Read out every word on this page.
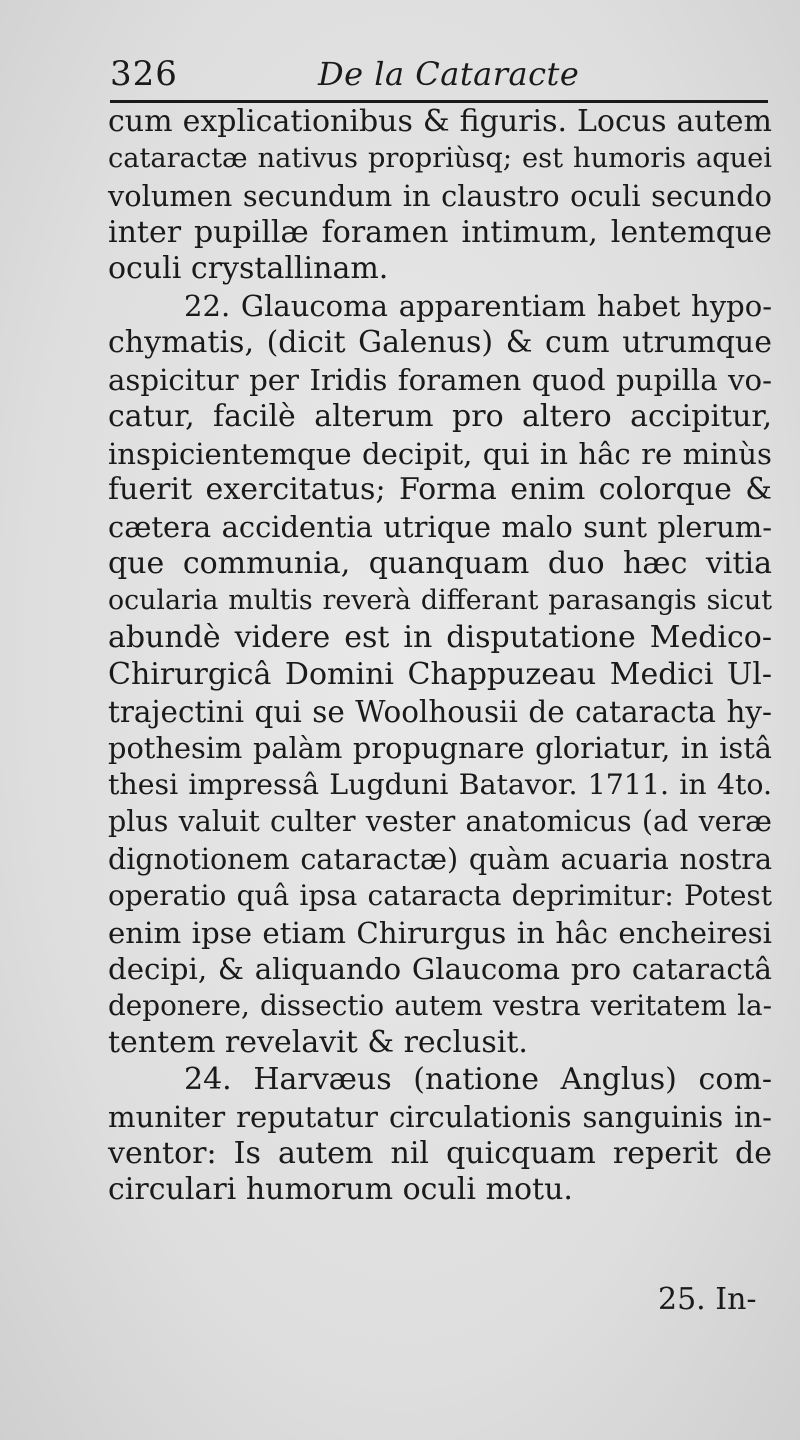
326	De la Cataracte
cum explicationibus & figuris. Locus autem
cataractæ nativus propriùsq; est humoris aquei
volumen secundum in claustro oculi secundo
inter pupillæ foramen intimum, lentemque
oculi crystallinam.
22. Glaucoma apparentiam habet hypo-
chymatis, (dicit Galenus) & cum utrumque
aspicitur per Iridis foramen quod pupilla vo-
catur, facilè alterum pro altero accipitur,
inspicientemque decipit, qui in hâc re minùs
fuerit exercitatus; Forma enim colorque &
cætera accidentia utrique malo sunt plerum-
que communia, quanquam duo hæc vitia
ocularia multis reverà differant parasangis sicut
abundè videre est in disputatione Medico-
Chirurgicâ Domini Chappuzeau Medici Ul-
trajectini qui se Woolhousii de cataracta hy-
pothesim palàm propugnare gloriatur, in istâ
thesi impressâ Lugduni Batavor. 1711. in 4to.
plus valuit culter vester anatomicus (ad veræ
dignotionem cataractæ) quàm acuaria nostra
operatio quâ ipsa cataracta deprimitur: Potest
enim ipse etiam Chirurgus in hâc encheiresi
decipi, & aliquando Glaucoma pro cataractâ
deponere, dissectio autem vestra veritatem la-
tentem revelavit & reclusit.
24. Harvæus (natione Anglus) com-
muniter reputatur circulationis sanguinis in-
ventor: Is autem nil quicquam reperit de
circulari humorum oculi motu.
25. In-
